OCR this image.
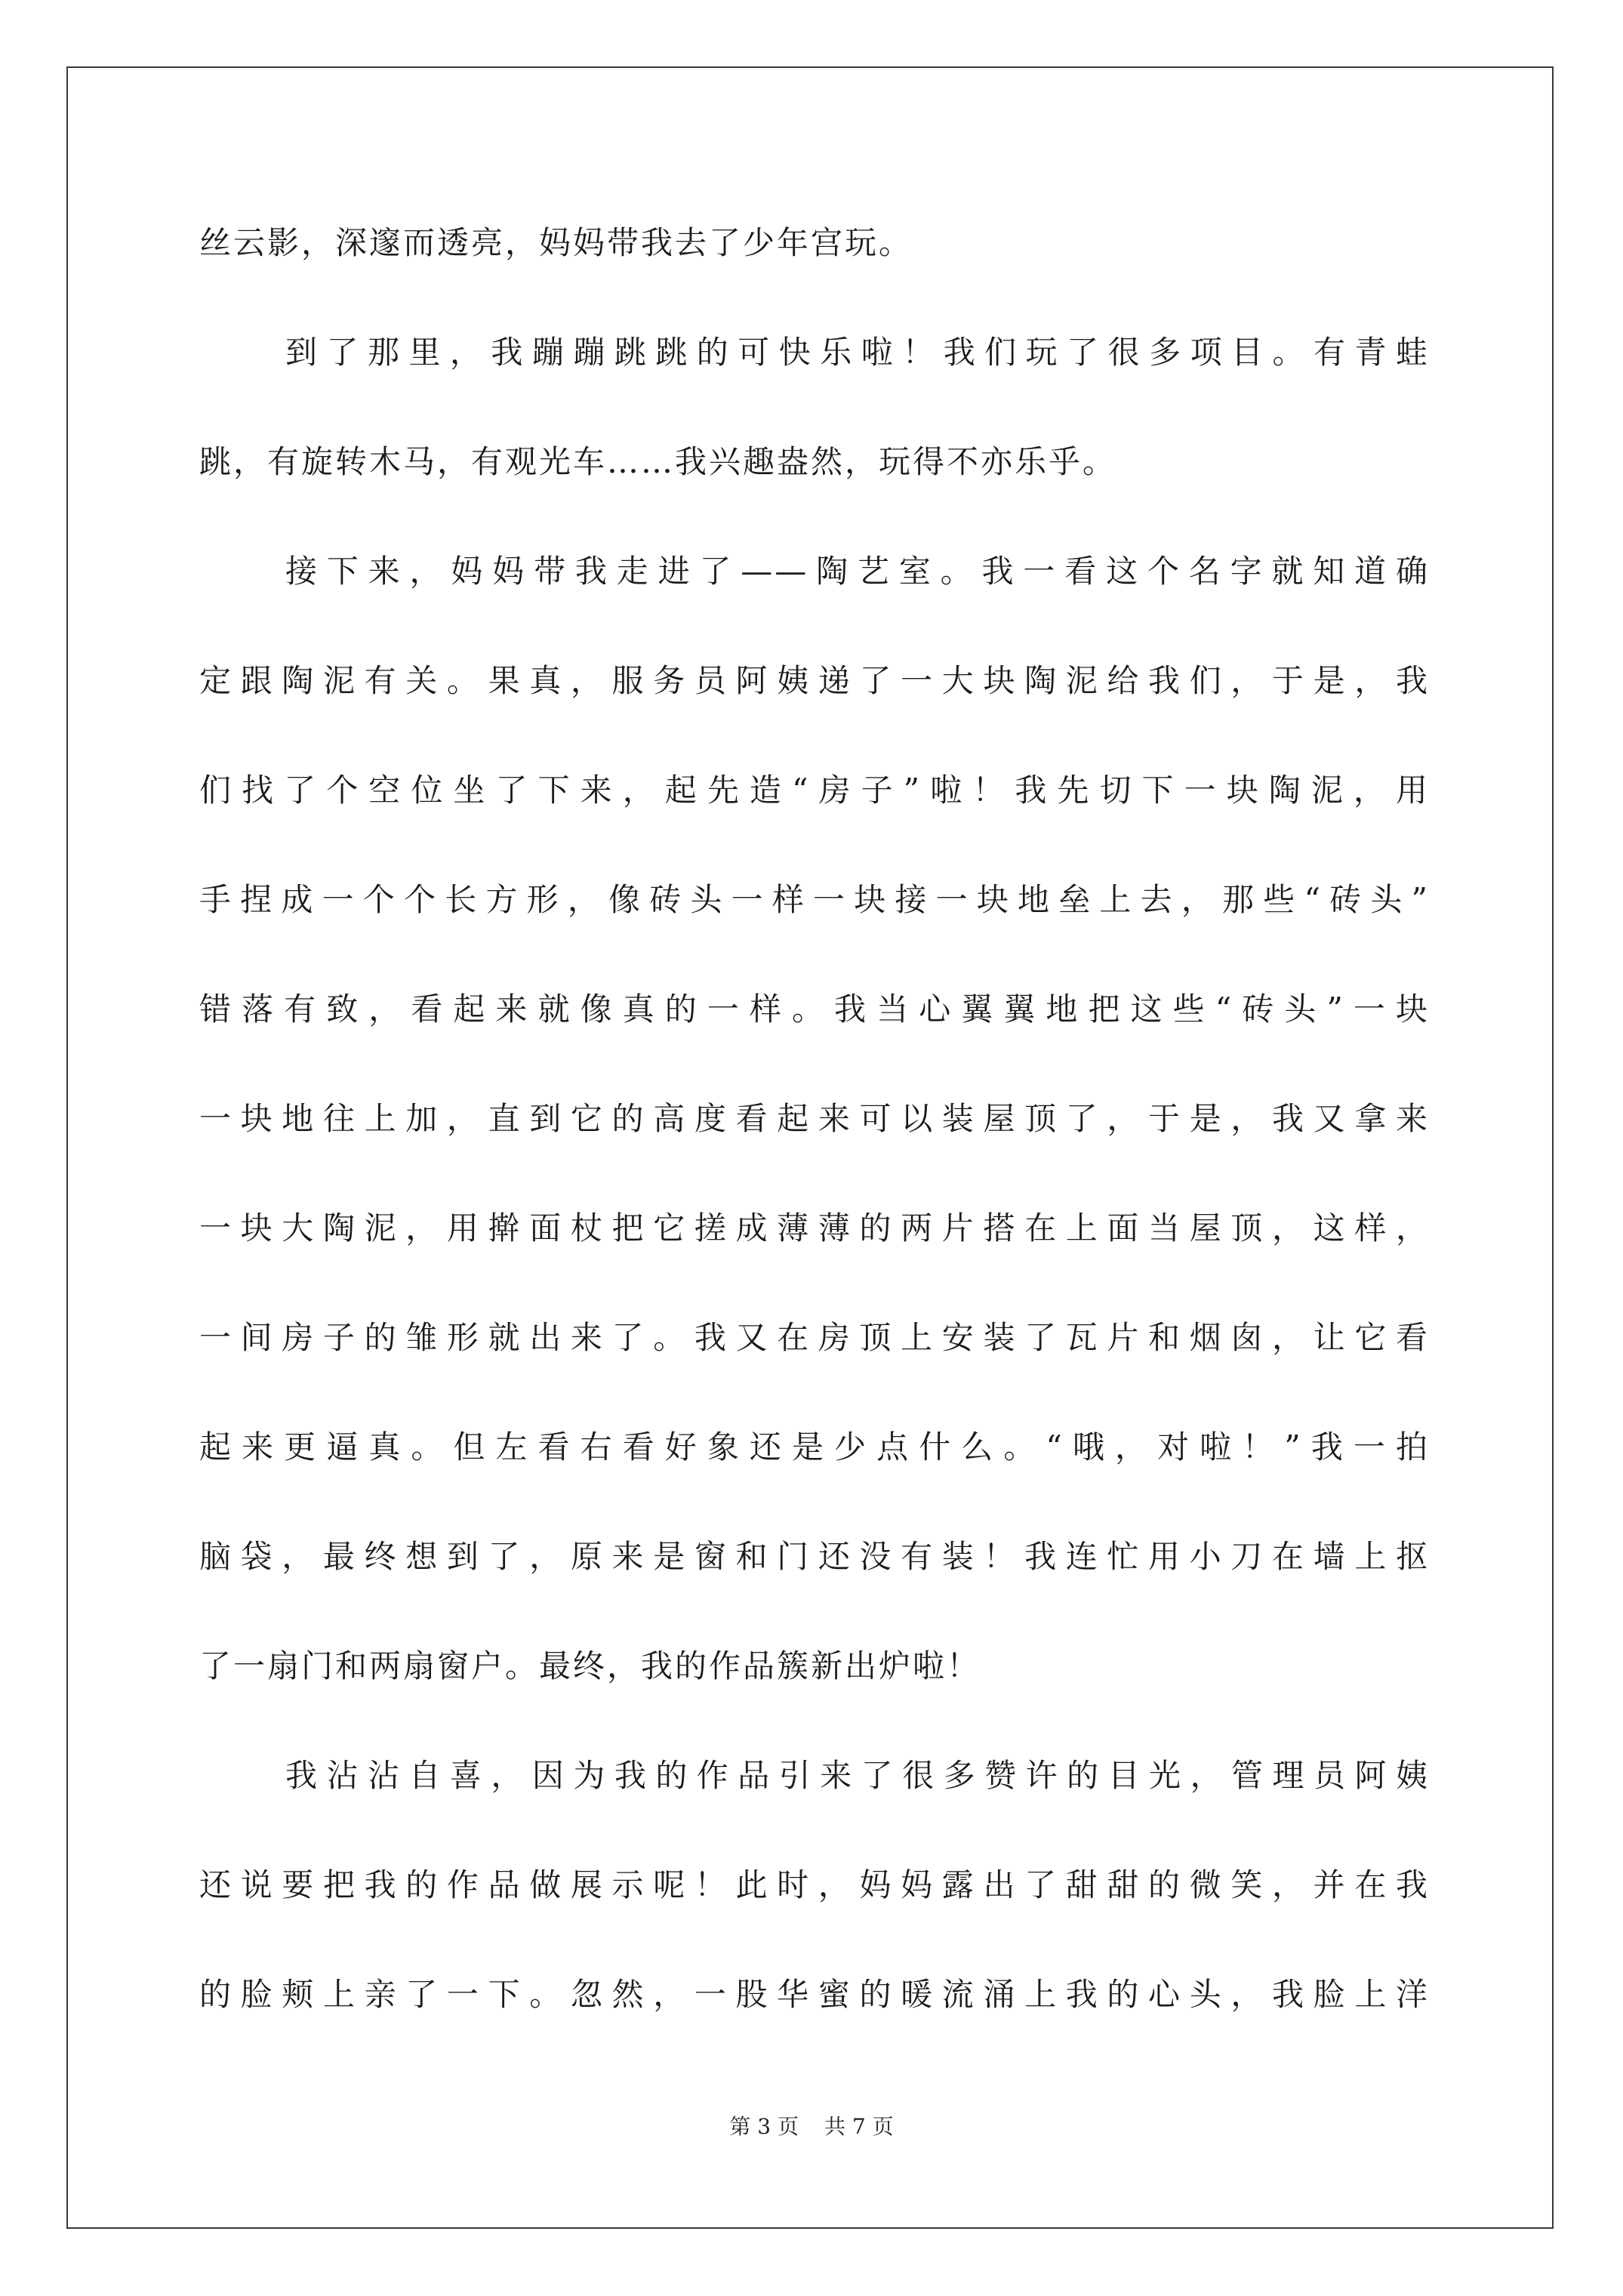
丝云影，深邃而透亮，妈妈带我去了少年宫玩。
到了那里，我蹦蹦跳跳的可快乐啦！我们玩了很多项目。有青蛙
跳，有旋转木马，有观光车……我兴趣盎然，玩得不亦乐乎。
接下来，妈妈带我走进了——陶艺室。我一看这个名字就知道确
定跟陶泥有关。果真，服务员阿姨递了一大块陶泥给我们，于是，我
们找了个空位坐了下来，起先造“房子”啦！我先切下一块陶泥，用
手捏成一个个长方形，像砖头一样一块接一块地垒上去，那些“砖头”
错落有致，看起来就像真的一样。我当心翼翼地把这些“砖头”一块
一块地往上加，直到它的高度看起来可以装屋顶了，于是，我又拿来
一块大陶泥，用擀面杖把它搓成薄薄的两片搭在上面当屋顶，这样，
一间房子的雏形就出来了。我又在房顶上安装了瓦片和烟囱，让它看
起来更逼真。但左看右看好象还是少点什么。“哦，对啦！”我一拍
脑袋，最终想到了，原来是窗和门还没有装！我连忙用小刀在墙上抠
了一扇门和两扇窗户。最终，我的作品簇新出炉啦！
我沾沾自喜，因为我的作品引来了很多赞许的目光，管理员阿姨
还说要把我的作品做展示呢！此时，妈妈露出了甜甜的微笑，并在我
的脸颊上亲了一下。忽然，一股华蜜的暖流涌上我的心头，我脸上洋
第 3 页 共 7 页
